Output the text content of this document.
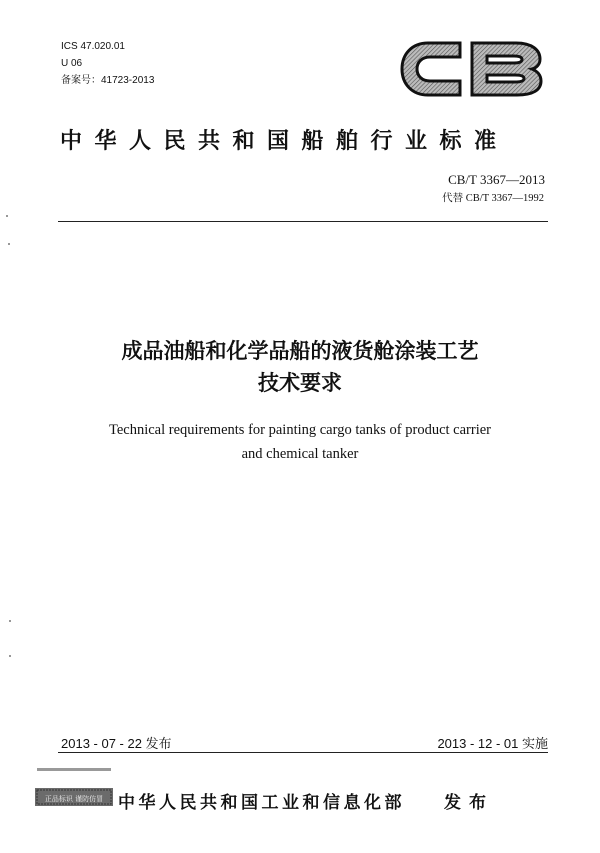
ICS 47.020.01
U 06
备案号：41723-2013
中华人民共和国船舶行业标准
CB/T 3367—2013
代替 CB/T 3367—1992
成品油船和化学品船的液货舱涂装工艺
技术要求
Technical requirements for painting cargo tanks of product carrier
and chemical tanker
2013 - 07 - 22 发布	2013 - 12 - 01 实施
正品标识 谨防仿冒 中华人民共和国工业和信息化部 发布
